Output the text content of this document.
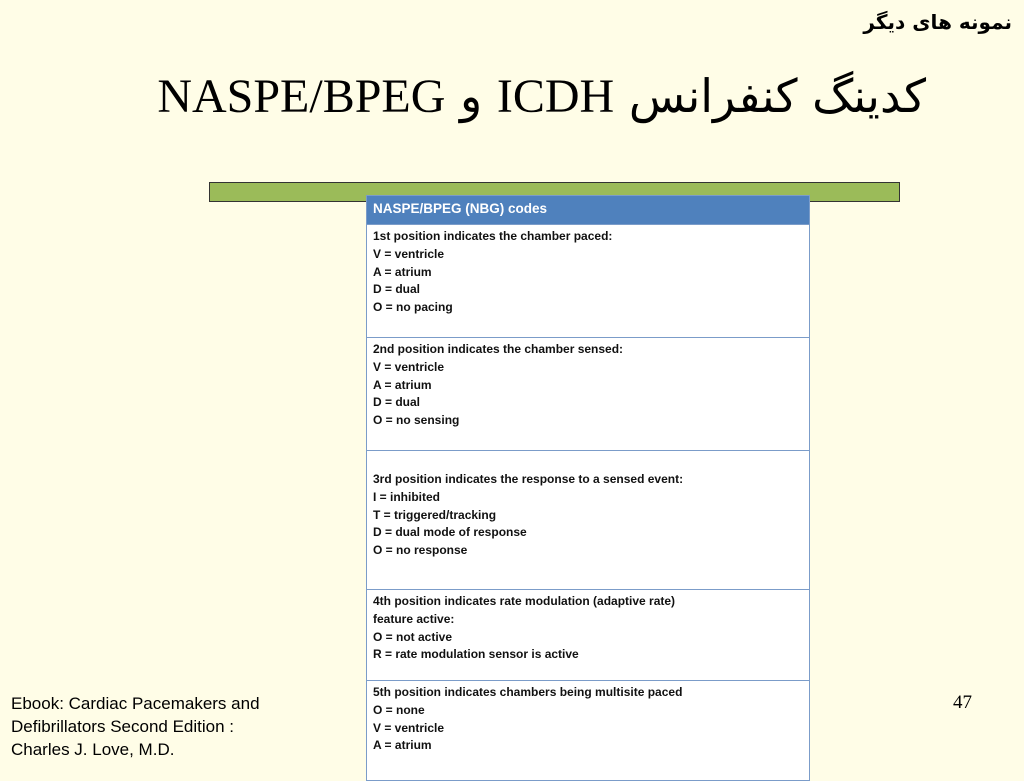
نمونه های دیگر
کدینگ کنفرانس ICDH و NASPE/BPEG
NASPE/BPEG (NBG) codes
1st position indicates the chamber paced:
V = ventricle
A = atrium
D = dual
O = no pacing
2nd position indicates the chamber sensed:
V = ventricle
A = atrium
D = dual
O = no sensing
3rd position indicates the response to a sensed event:
I = inhibited
T = triggered/tracking
D = dual mode of response
O = no response
4th position indicates rate modulation (adaptive rate)
feature active:
O = not active
R = rate modulation sensor is active
5th position indicates chambers being multisite paced
O = none
V = ventricle
A = atrium
Ebook: Cardiac Pacemakers and
Defibrillators Second Edition :
Charles J. Love, M.D.
47
